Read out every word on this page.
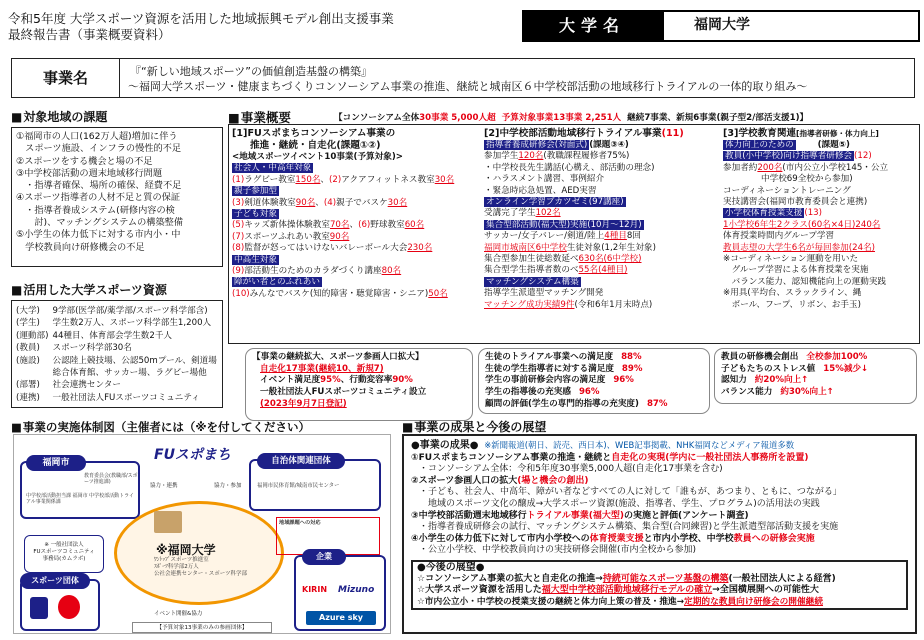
令和5年度 大学スポーツ資源を活用した地域振興モデル創出支援事業
最終報告書（事業概要資料）	大学名	福岡大学
事業名	『“新しい地域スポーツ”の価値創造基盤の構築』
～福岡大学スポーツ・健康まちづくりコンソーシアム事業の推進、継続と城南区６中学校部活動の地域移行トライアルの一体的取り組み～
■ 対象地域の課題
①福岡市の人口(162万人超)増加に伴う
　スポーツ施設、インフラの慢性的不足
②スポーツをする機会と場の不足
③中学校部活動の週末地域移行問題
　・指導者確保、場所の確保、経費不足
④スポーツ指導者の人材不足と質の保証
　・指導者養成システム(研修内容の検
　　討)、マッチングシステムの構築整備
⑤小学生の体力低下に対する市内小・中
　学校教員向け研修機会の不足
■ 活用した大学スポーツ資源
(大学)	9学部(医学部/薬学部/スポーツ科学部含)
(学生)	学生数2万人、スポーツ科学部生1,200人
(運動部)	44種目、体育部会学生数2千人
(教員)	スポーツ科学部30名
(施設)	公認陸上競技場、公認50mプール、剣道場
	総合体育館、サッカー場、ラグビー場他
(部署)	社会連携センター
(連携)	一般社団法人FUスポーツコミュニティ
■ 事業概要	【コンソーシアム全体30事業 5,000人超 予算対象事業13事業 2,251人 継続7事業、新規6事業(親子型2/部活支援1)】
[1]FUスポまちコンソーシアム事業の
推進・継続・自走化(課題①②)
<地域スポーツイベント10事業(予算対象)>
社会人・中高年対象
(1)ラグビー教室150名、(2)アクアフィットネス教室30名
親子参加型
(3)剣道体験教室90名、(4)親子でバスケ30名
子ども対象
(5)キッズ新体操体験教室70名、(6)野球教室60名
(7)スポーツふれあい教室90名
(8)監督が怒ってはいけないバレーボール大会230名
中高生対象
(9)部活動生のためのカラダづくり講座80名
障がい者とのふれあい
(10)みんなでバスケ(知的障害・聴覚障害・シニア)50名
[2]中学校部活動地域移行トライアル事業(11)
指導者養成研修会(対面式) (課題③④)
参加学生120名(教職課程履修者75%)
・中学校長先生講話(心構え、部活動の理念)
・ハラスメント講習、事例紹介
・緊急時応急処置、AED実習
オンライン学習ブカツゼミ(97講座)
受講完了学生102名
集合型部活動(福大型)実施(10月～12月)
サッカー/女子バレー/剣道/陸上4種目8回
福岡市城南区6中学校生徒対象(1,2年生対象)
集合型参加生徒総数延べ630名(6中学校)
集合型学生指導者数のべ55名(4種目)
マッチングシステム構築
指導学生派遣型マッチング開発
マッチング成功実績9件(令和6年1月末時点)
[3]学校教育関連[指導者研修・体力向上]
体力向上のための	(課題⑤)
教員(小中学校)向け指導者研修会 (12)
参加者約200名(市内公立小学校145・公立
中学校69全校から参加)
コーディネーショントレーニング
実技講習会(福岡市教育委員会と連携)
小学校体育授業支援 (13)
1小学校6年生2クラス(60名×4日)240名
体育授業時間内グループ学習
教員志望の大学生6名が毎回参加(24名)
※コーディネーション運動を用いた
　グループ学習による体育授業を実施
　バランス能力、認知機能向上の運動実践
※用具(平均台、スラックライン、縄
　ボール、フープ、リボン、お手玉)
【事業の継続拡大、スポーツ参画人口拡大】
自走化17事業(継続10、新規7)
イベント満足度95%、行動変容率90%
一般社団法人FUスポーツコミュニティ設立
(2023年9月7日登記)
生徒のトライアル事業への満足度 88%
生徒の学生指導者に対する満足度 89%
学生の事前研修会内容の満足度 96%
学生の指導後の充実感 96%
顧問の評価(学生の専門的指導の充実度) 87%
教員の研修機会創出 全校参加100%
子どもたちのストレス値 15%減少↓
認知力 約20%向上↑
バランス能力 約30%向上↑
■ 事業の実施体制図（主催者には（※を付してください）
福岡市
教育委員会(教職部/スポーツ推進課)
中学校部活動担当課 福岡市 中学校部活動トライアル事業関係課
FUスポまち	自治体関連団体
福岡市民体育館/城南市民センター
※ 一般社団法人
FUスポーツコミュニティ
事務局(カムラボ)
※福岡大学
ﾜﾝﾄｯﾌﾟスポーツ推進室
ｽﾎﾟｰﾂ科学部2万人
公社会連携センター・スポーツ科学部
地域課題への対応
スポーツ団体
企業
KIRIN Mizuno
Azure sky
協力・連携	協力・参加
イベント開催&協力
【予算対象13事業のみの参画団体】
■ 事業の成果と今後の展望
●事業の成果● ※新聞報道(朝日、読売、西日本)、WEB記事掲載、NHK福岡などメディア報道多数
①FUスポまちコンソーシアム事業の推進・継続と自走化の実現(学内に一般社団法人事務所を設置)
・コンソーシアム全体：令和5年度30事業5,000人超(自走化17事業を含む)
②スポーツ参画人口の拡大(場と機会の創出)
・子ども、社会人、中高年、障がい者などすべての人に対して「誰もが、あつまり、ともに、つながる」
　地域のスポーツ文化の醸成→大学スポーツ資源(施設、指導者、学生、プログラム)の活用法の実践
③中学校部活動週末地域移行トライアル事業(福大型)の実施と評価(アンケート調査)
・指導者養成研修会の試行、マッチングシステム構築、集合型(合同練習)と学生派遣型部活動支援を実施
④小学生の体力低下に対して市内小学校への体育授業支援と市内小学校、中学校教員への研修会実施
・公立小学校、中学校教員向けの実技研修会開催(市内全校から参加)
●今後の展望●
☆コンソーシアム事業の拡大と自走化の推進→持続可能なスポーツ基盤の構築(一般社団法人による経営)
☆大学スポーツ資源を活用した福大型中学校部活動地域移行モデルの確立→全国横展開への可能性大
☆市内公立小・中学校の授業支援の継続と体力向上策の普及・推進→定期的な教員向け研修会の開催継続
